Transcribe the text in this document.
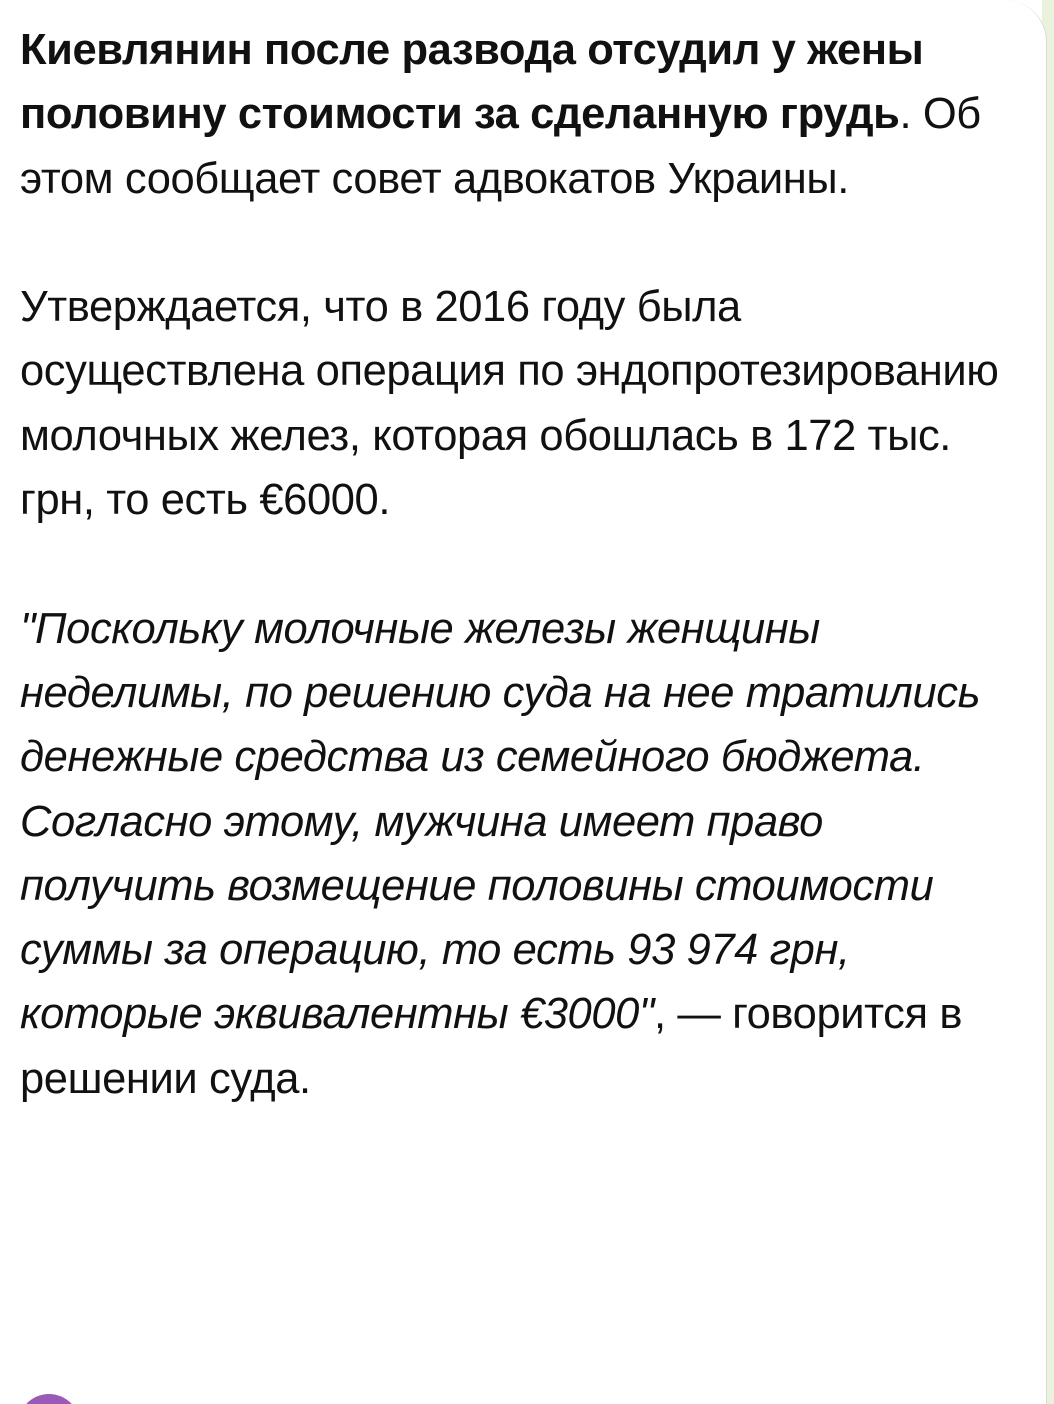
Киевлянин после развода отсудил у жены половину стоимости за сделанную грудь. Об этом сообщает совет адвокатов Украины.

Утверждается, что в 2016 году была осуществлена операция по эндопротезированию молочных желез, которая обошлась в 172 тыс. грн, то есть €6000.

"Поскольку молочные железы женщины неделимы, по решению суда на нее тратились денежные средства из семейного бюджета. Согласно этому, мужчина имеет право получить возмещение половины стоимости суммы за операцию, то есть 93 974 грн, которые эквивалентны €3000", — говорится в решении суда.
